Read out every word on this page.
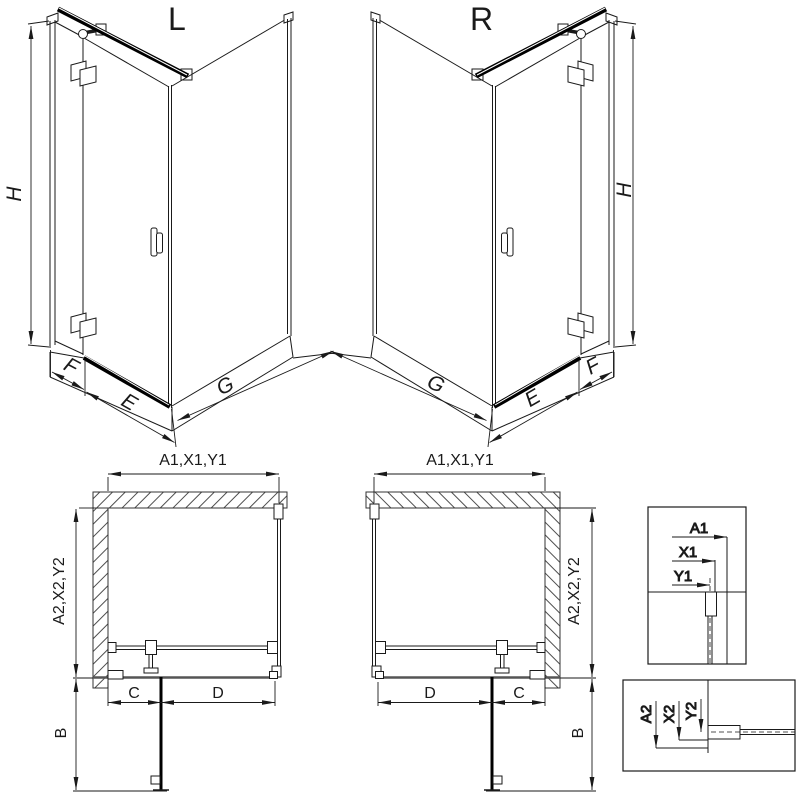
L
H
F
E
G
R
H
F
E
G
A1,X1,Y1
A2,X2,Y2
B
C	D
A1,X1,Y1
A2,X2,Y2
B
D	C
A1
X1
Y1
A2 X2 Y2
